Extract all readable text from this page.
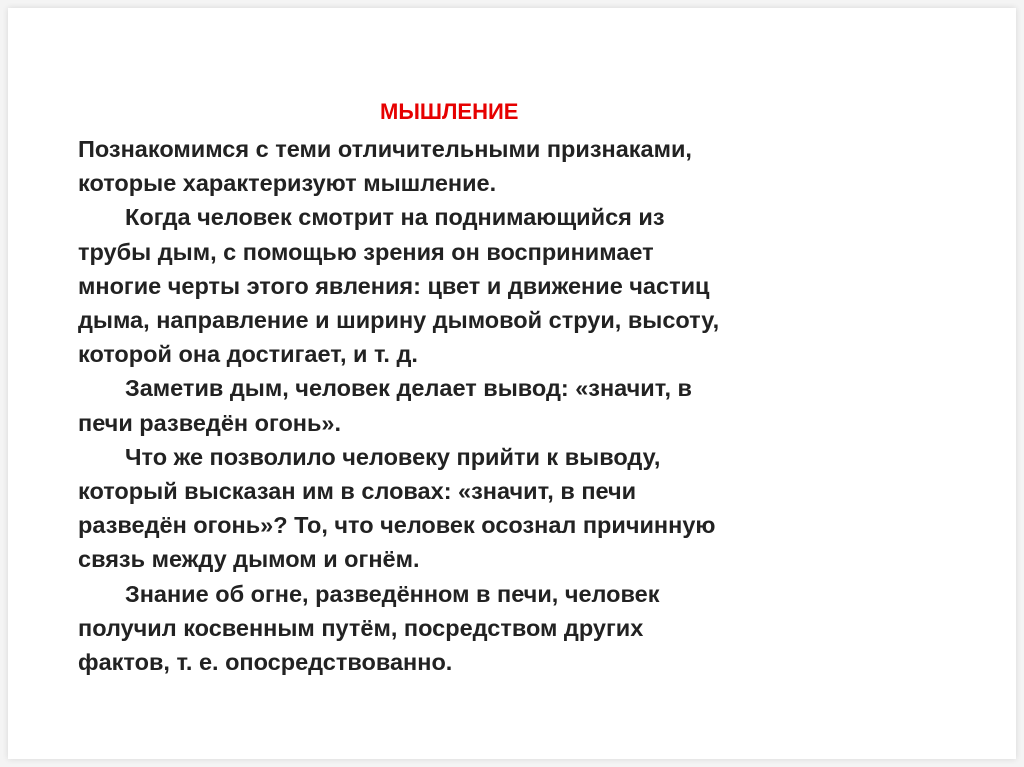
МЫШЛЕНИЕ
Познакомимся с теми отличительными признаками,
которые характеризуют мышление.
Когда человек смотрит на поднимающийся из
трубы дым, с помощью зрения он воспринимает
многие черты этого явления: цвет и движение частиц
дыма, направление и ширину дымовой струи, высоту,
которой она достигает, и т. д.
Заметив дым, человек делает вывод: «значит, в
печи разведён огонь».
Что же позволило человеку прийти к выводу,
который высказан им в словах: «значит, в печи
разведён огонь»? То, что человек осознал причинную
связь между дымом и огнём.
Знание об огне, разведённом в печи, человек
получил косвенным путём, посредством других
фактов, т. е. опосредствованно.
